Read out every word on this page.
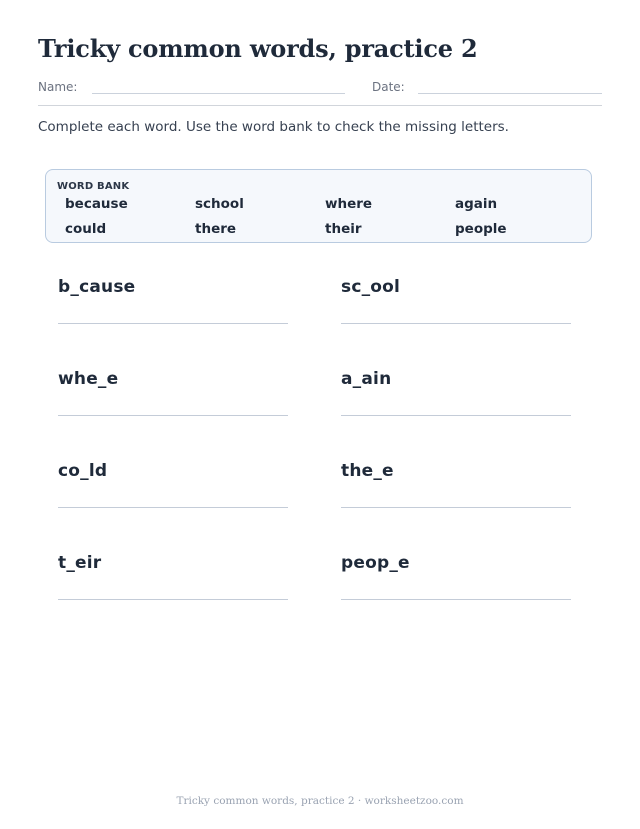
Tricky common words, practice 2
Name:	Date:
Complete each word. Use the word bank to check the missing letters.
WORD BANK
because	school	where	again
could	there	their	people
b_cause	sc_ool
whe_e	a_ain
co_ld	the_e
t_eir	peop_e
Tricky common words, practice 2 · worksheetzoo.com
